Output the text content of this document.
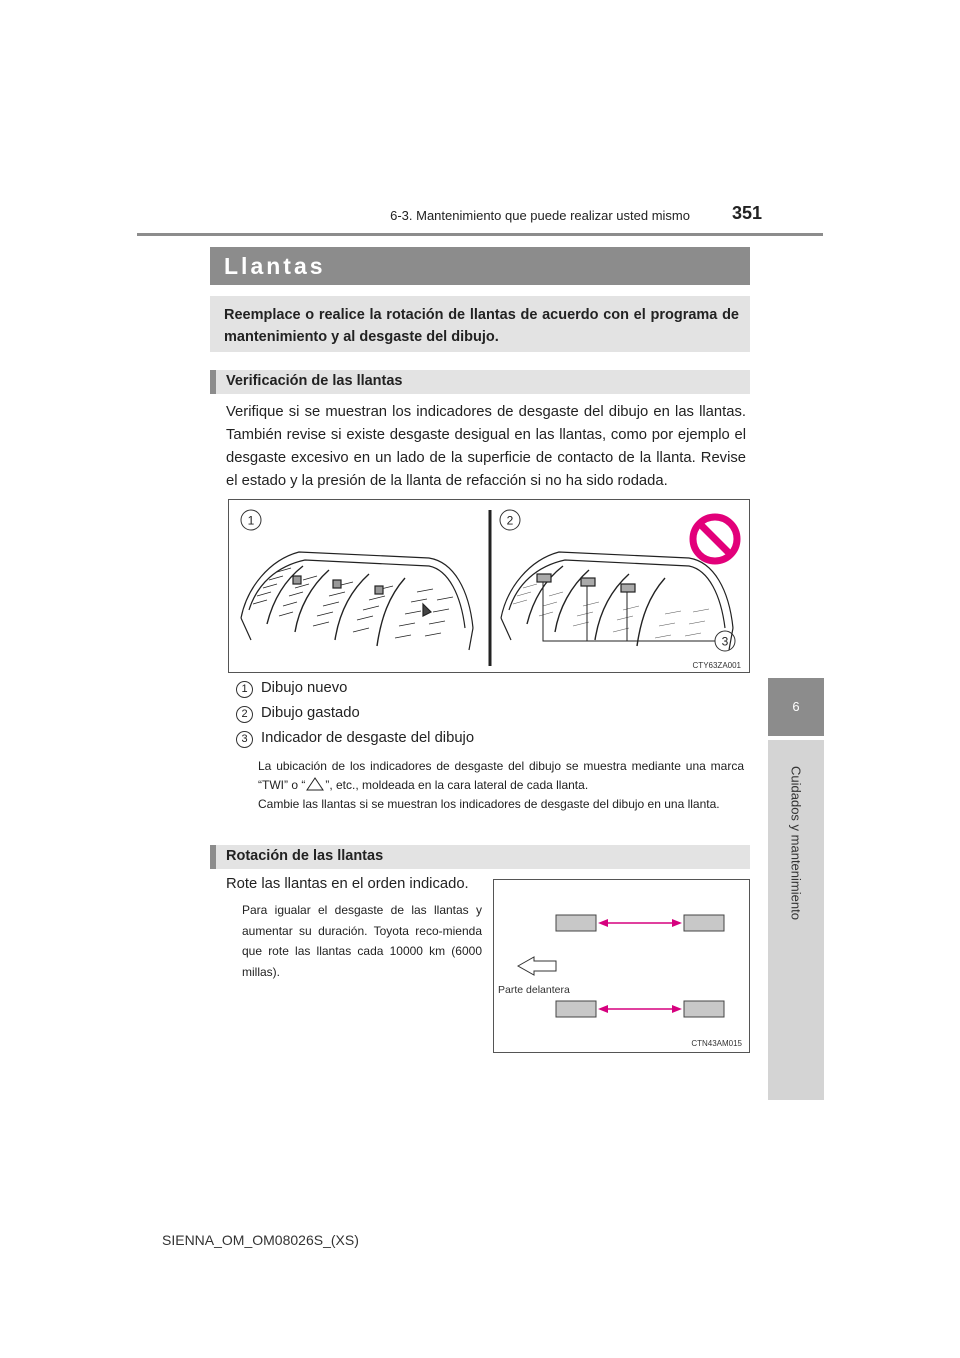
6-3. Mantenimiento que puede realizar usted mismo 351
6
Cuidados y mantenimiento
Llantas

Reemplace o realice la rotación de llantas de acuerdo con el programa de mantenimiento y al desgaste del dibujo.

Verificación de las llantas

Verifique si se muestran los indicadores de desgaste del dibujo en las llantas. También revise si existe desgaste desigual en las llantas, como por ejemplo el desgaste excesivo en un lado de la superficie de contacto de la llanta. Revise el estado y la presión de la llanta de refacción si no ha sido rodada.

1	2
3
CTY63ZA001
1 Dibujo nuevo
2 Dibujo gastado
3 Indicador de desgaste del dibujo

La ubicación de los indicadores de desgaste del dibujo se muestra mediante una marca “TWI” o “ ”, etc., moldeada en la cara lateral de cada llanta.

Cambie las llantas si se muestran los indicadores de desgaste del dibujo en una llanta.

Rotación de las llantas

Rote las llantas en el orden indicado.

Para igualar el desgaste de las llantas y aumentar su duración. Toyota reco-mienda que rote las llantas cada 10000 km (6000 millas).

Parte delantera
CTN43AM015
SIENNA_OM_OM08026S_(XS)
